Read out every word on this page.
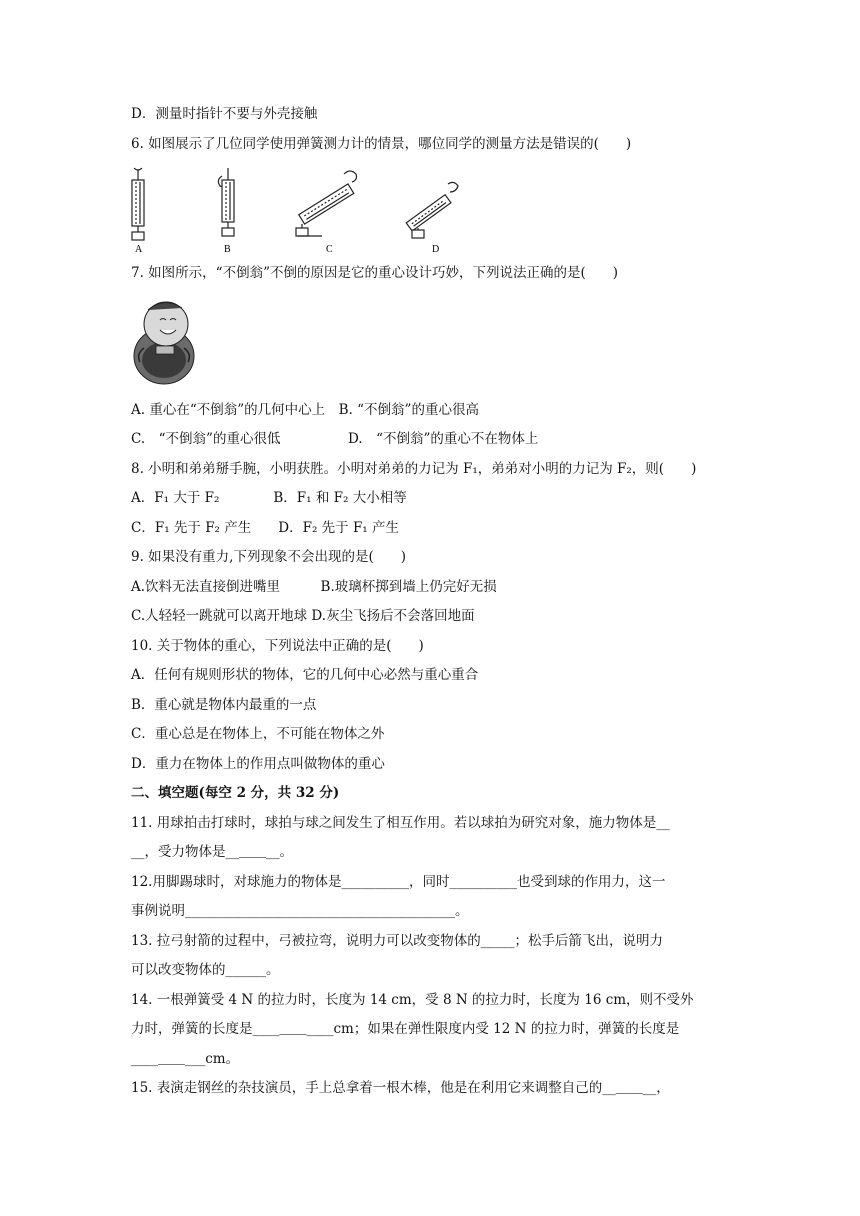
D．测量时指针不要与外壳接触
6. 如图展示了几位同学使用弹簧测力计的情景，哪位同学的测量方法是错误的(　　)
A	B	C	D
7. 如图所示，“不倒翁”不倒的原因是它的重心设计巧妙，下列说法正确的是(　　)
A. 重心在“不倒翁”的几何中心上　B. “不倒翁”的重心很高
C.　“不倒翁”的重心很低　　　　　D.　“不倒翁”的重心不在物体上
8. 小明和弟弟掰手腕，小明获胜。小明对弟弟的力记为 F₁，弟弟对小明的力记为 F₂，则(　　)
A．F₁ 大于 F₂　　　　B．F₁ 和 F₂ 大小相等
C．F₁ 先于 F₂ 产生　　D．F₂ 先于 F₁ 产生
9. 如果没有重力,下列现象不会出现的是(　　)
A.饮料无法直接倒进嘴里　　　B.玻璃杯掷到墙上仍完好无损
C.人轻轻一跳就可以离开地球 D.灰尘飞扬后不会落回地面
10. 关于物体的重心，下列说法中正确的是(　　)
A．任何有规则形状的物体，它的几何中心必然与重心重合
B．重心就是物体内最重的一点
C．重心总是在物体上，不可能在物体之外
D．重力在物体上的作用点叫做物体的重心
二、填空题(每空 2 分，共 32 分)
11. 用球拍击打球时，球拍与球之间发生了相互作用。若以球拍为研究对象，施力物体是__
__，受力物体是__＿＿__。
12.用脚踢球时，对球施力的物体是__________，同时__________也受到球的作用力，这一
事例说明________________________________________。
13. 拉弓射箭的过程中，弓被拉弯，说明力可以改变物体的_____；松手后箭飞出，说明力
可以改变物体的______。
14. 一根弹簧受 4 N 的拉力时，长度为 14 cm，受 8 N 的拉力时，长度为 16 cm，则不受外
力时，弹簧的长度是____＿＿____cm；如果在弹性限度内受 12 N 的拉力时，弹簧的长度是
____＿＿___cm。
15. 表演走钢丝的杂技演员，手上总拿着一根木棒，他是在利用它来调整自己的__＿＿__，
